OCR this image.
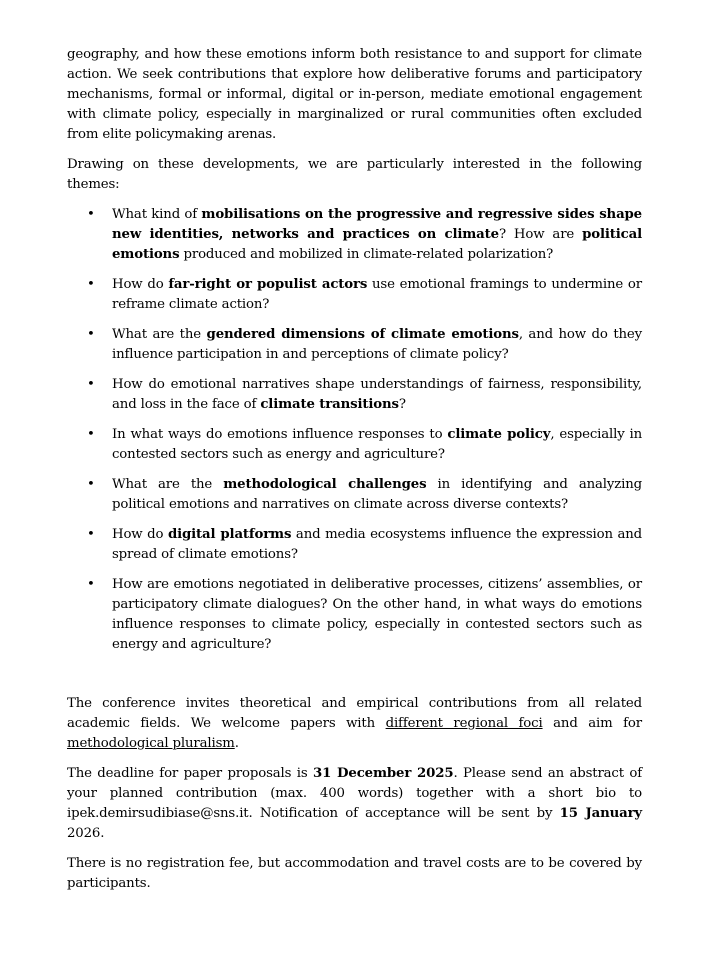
geography, and how these emotions inform both resistance to and support for climate action. We seek contributions that explore how deliberative forums and participatory mechanisms, formal or informal, digital or in-person, mediate emotional engagement with climate policy, especially in marginalized or rural communities often excluded from elite policymaking arenas.

Drawing on these developments, we are particularly interested in the following themes:

• What kind of mobilisations on the progressive and regressive sides shape new identities, networks and practices on climate? How are political emotions produced and mobilized in climate-related polarization?
• How do far-right or populist actors use emotional framings to undermine or reframe climate action?
• What are the gendered dimensions of climate emotions, and how do they influence participation in and perceptions of climate policy?
• How do emotional narratives shape understandings of fairness, responsibility, and loss in the face of climate transitions?
• In what ways do emotions influence responses to climate policy, especially in contested sectors such as energy and agriculture?
• What are the methodological challenges in identifying and analyzing political emotions and narratives on climate across diverse contexts?
• How do digital platforms and media ecosystems influence the expression and spread of climate emotions?
• How are emotions negotiated in deliberative processes, citizens’ assemblies, or participatory climate dialogues? On the other hand, in what ways do emotions influence responses to climate policy, especially in contested sectors such as energy and agriculture?

The conference invites theoretical and empirical contributions from all related academic fields. We welcome papers with different regional foci and aim for methodological pluralism.

The deadline for paper proposals is 31 December 2025. Please send an abstract of your planned contribution (max. 400 words) together with a short bio to ipek.demirsudibiase@sns.it. Notification of acceptance will be sent by 15 January 2026.

There is no registration fee, but accommodation and travel costs are to be covered by participants.
